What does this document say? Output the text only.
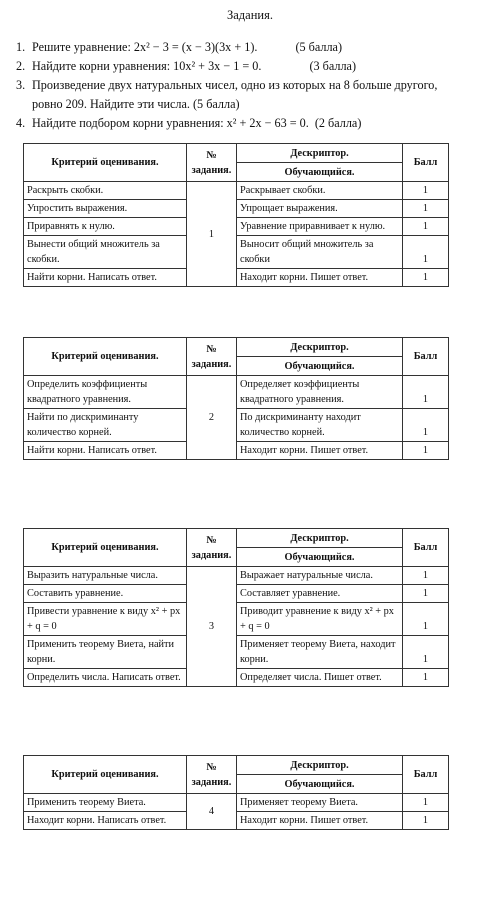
Задания.
1. Решите уравнение: 2x² − 3 = (x − 3)(3x + 1).	(5 балла)
2. Найдите корни уравнения: 10x² + 3x − 1 = 0.	(3 балла)
3. Произведение двух натуральных чисел, одно из которых на 8 больше другого,
ровно 209. Найдите эти числа. (5 балла)
4. Найдите подбором корни уравнения: x² + 2x − 63 = 0. (2 балла)
Критерий оценивания.	№
задания.	Дескриптор.	Балл
		Обучающийся.	
Раскрыть скобки.	1	Раскрывает скобки.	1
Упростить выражения.		Упрощает выражения.	1
Приравнять к нулю.		Уравнение приравнивает к нулю.	1
Вынести общий множитель за скобки.		Выносит общий множитель за скобки	1
Найти корни. Написать ответ.		Находит корни. Пишет ответ.	1
Критерий оценивания.	№
задания.	Дескриптор.	Балл
		Обучающийся.	
Определить коэффициенты квадратного уравнения.	2	Определяет коэффициенты квадратного уравнения.	1
Найти по дискриминанту количество корней.		По дискриминанту находит количество корней.	1
Найти корни. Написать ответ.		Находит корни. Пишет ответ.	1
Критерий оценивания.	№
задания.	Дескриптор.	Балл
		Обучающийся.	
Выразить натуральные числа.	3	Выражает натуральные числа.	1
Составить уравнение.		Составляет уравнение.	1
Привести уравнение к виду x² + px + q = 0		Приводит уравнение к виду x² + px + q = 0	1
Применить теорему Виета, найти корни.		Применяет теорему Виета, находит корни.	1
Определить числа. Написать ответ.		Определяет числа. Пишет ответ.	1
Критерий оценивания.	№
задания.	Дескриптор.	Балл
		Обучающийся.	
Применить теорему Виета.	4	Применяет теорему Виета.	1
Находит корни. Написать ответ.		Находит корни. Пишет ответ.	1
